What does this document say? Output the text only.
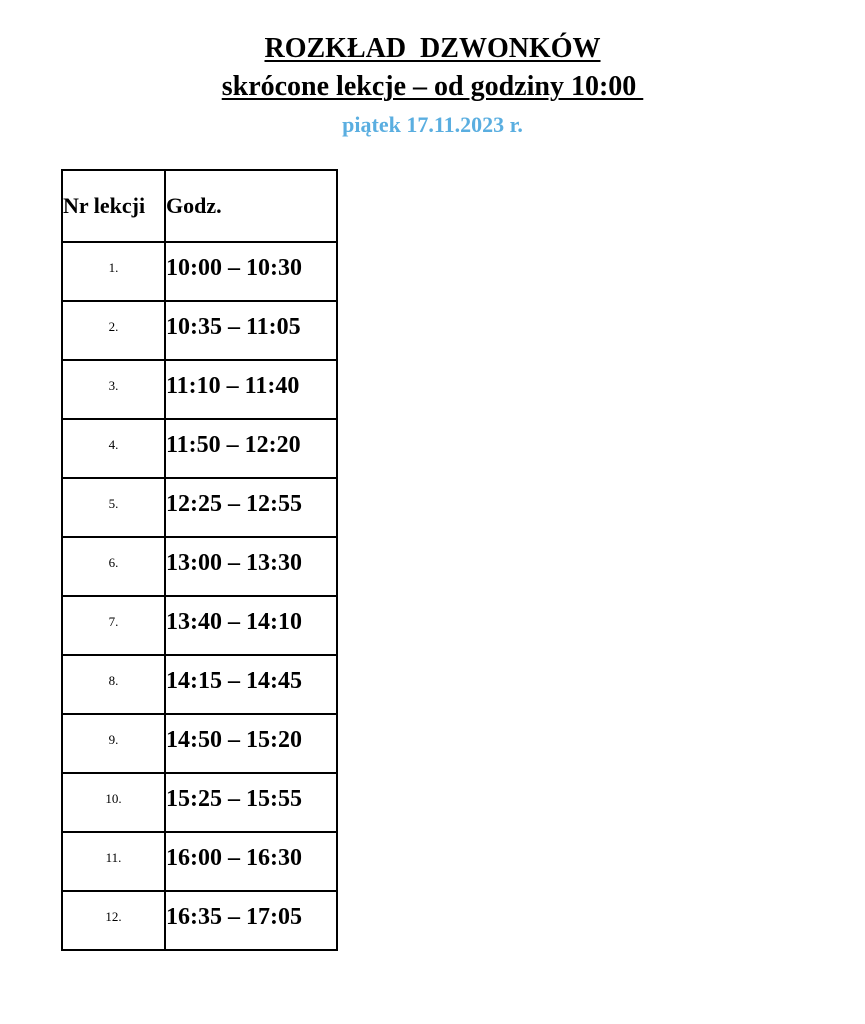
ROZKŁAD  DZWONKÓW

skrócone lekcje – od godziny 10:00

piątek 17.11.2023 r.

Nr lekcji	Godz.
1.	10:00 – 10:30
2.	10:35 – 11:05
3.	11:10 – 11:40
4.	11:50 – 12:20
5.	12:25 – 12:55
6.	13:00 – 13:30
7.	13:40 – 14:10
8.	14:15 – 14:45
9.	14:50 – 15:20
10.	15:25 – 15:55
11.	16:00 – 16:30
12.	16:35 – 17:05
